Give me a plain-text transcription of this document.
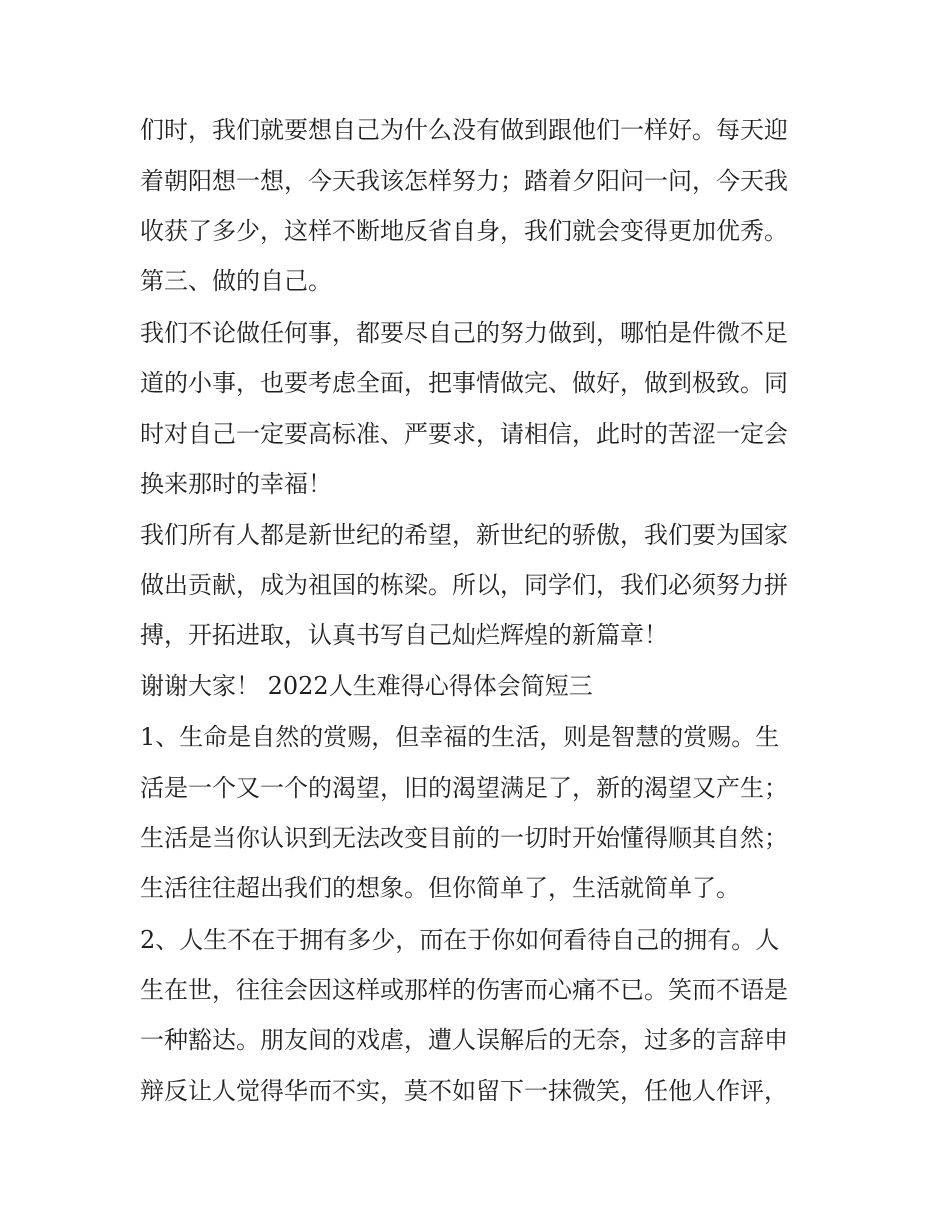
们时，我们就要想自己为什么没有做到跟他们一样好。每天迎

着朝阳想一想，今天我该怎样努力；踏着夕阳问一问，今天我

收获了多少，这样不断地反省自身，我们就会变得更加优秀。

第三、做的自己。

我们不论做任何事，都要尽自己的努力做到，哪怕是件微不足

道的小事，也要考虑全面，把事情做完、做好，做到极致。同

时对自己一定要高标准、严要求，请相信，此时的苦涩一定会

换来那时的幸福！

我们所有人都是新世纪的希望，新世纪的骄傲，我们要为国家

做出贡献，成为祖国的栋梁。所以，同学们，我们必须努力拼

搏，开拓进取，认真书写自己灿烂辉煌的新篇章！

谢谢大家！ 2022人生难得心得体会简短三

1、生命是自然的赏赐，但幸福的生活，则是智慧的赏赐。生

活是一个又一个的渴望，旧的渴望满足了，新的渴望又产生；

生活是当你认识到无法改变目前的一切时开始懂得顺其自然；

生活往往超出我们的想象。但你简单了，生活就简单了。

2、人生不在于拥有多少，而在于你如何看待自己的拥有。人

生在世，往往会因这样或那样的伤害而心痛不已。笑而不语是

一种豁达。朋友间的戏虐，遭人误解后的无奈，过多的言辞申

辩反让人觉得华而不实，莫不如留下一抹微笑，任他人作评，
